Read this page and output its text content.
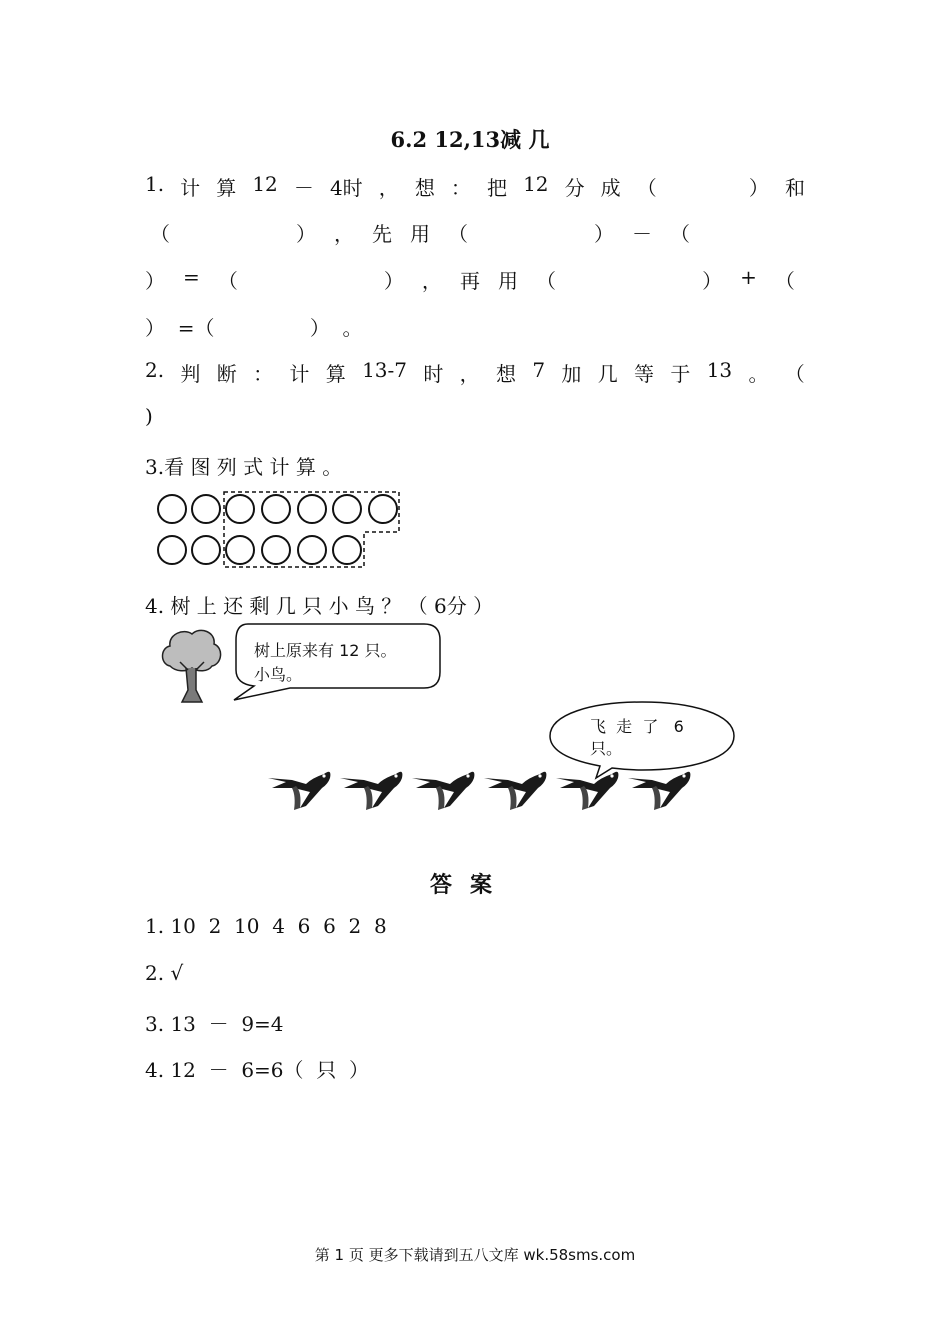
6.2 12,13减 几
1. 计 算 12 － 4时 ， 想 ： 把 12 分 成 （	） 和
（	） ， 先 用 （	） － （
） = （	） ， 再 用 （	） + （
）  =（               ）  。
2. 判 断 ： 计 算 13-7 时 ， 想 7 加 几 等 于 13 。 （
)
3.看 图 列 式 计 算 。
4. 树 上 还 剩 几 只 小 鸟 ？ （ 6分 ）
树上原来有 12 只。
小鸟。
飞  走  了   6
只。
答案
1. 10  2  10  4  6  6  2  8
2. √
3. 13  －  9=4
4. 12  －  6=6（  只  ）
第 1 页 更多下载请到五八文库 wk.58sms.com
